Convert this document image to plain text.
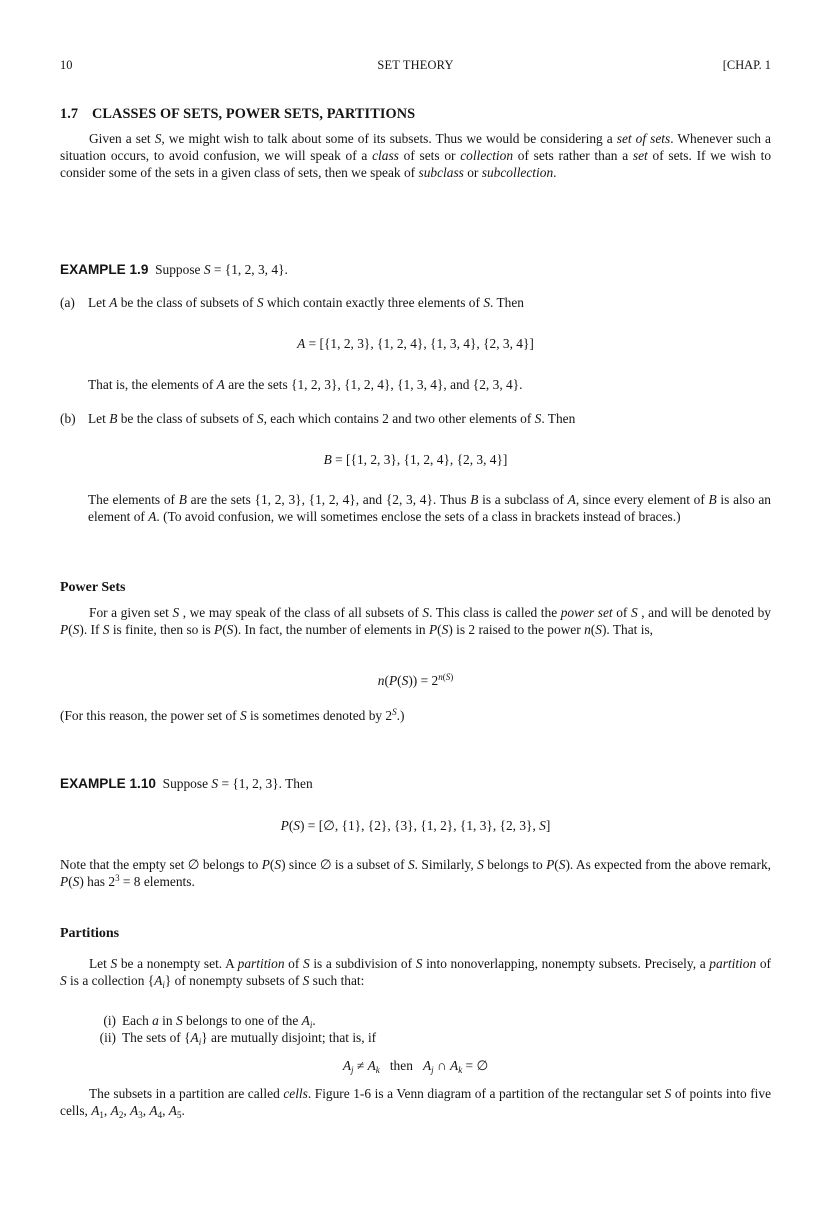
10	SET THEORY	[CHAP. 1
1.7 CLASSES OF SETS, POWER SETS, PARTITIONS

Given a set S, we might wish to talk about some of its subsets. Thus we would be considering a set of sets. Whenever such a situation occurs, to avoid confusion, we will speak of a class of sets or collection of sets rather than a set of sets. If we wish to consider some of the sets in a given class of sets, then we speak of subclass or subcollection.

EXAMPLE 1.9  Suppose S = {1, 2, 3, 4}.
(a) Let A be the class of subsets of S which contain exactly three elements of S. Then
A = [{1, 2, 3}, {1, 2, 4}, {1, 3, 4}, {2, 3, 4}]

That is, the elements of A are the sets {1, 2, 3}, {1, 2, 4}, {1, 3, 4}, and {2, 3, 4}.

(b) Let B be the class of subsets of S, each which contains 2 and two other elements of S. Then
B = [{1, 2, 3}, {1, 2, 4}, {2, 3, 4}]

The elements of B are the sets {1, 2, 3}, {1, 2, 4}, and {2, 3, 4}. Thus B is a subclass of A, since every element of B is also an element of A. (To avoid confusion, we will sometimes enclose the sets of a class in brackets instead of braces.)

Power Sets

For a given set S , we may speak of the class of all subsets of S. This class is called the power set of S , and will be denoted by P(S). If S is finite, then so is P(S). In fact, the number of elements in P(S) is 2 raised to the power n(S). That is,

$n(P(S)) = 2^{n(S)}$

(For this reason, the power set of S is sometimes denoted by $2^S$.)

EXAMPLE 1.10  Suppose S = {1, 2, 3}. Then
P(S) = [∅, {1}, {2}, {3}, {1, 2}, {1, 3}, {2, 3}, S]

Note that the empty set ∅ belongs to P(S) since ∅ is a subset of S. Similarly, S belongs to P(S). As expected from the above remark, P(S) has $2^3 = 8$ elements.

Partitions

Let S be a nonempty set. A partition of S is a subdivision of S into nonoverlapping, nonempty subsets. Precisely, a partition of S is a collection $\{A_i\}$ of nonempty subsets of S such that:

(i) Each a in S belongs to one of the $A_i$.
(ii) The sets of $\{A_i\}$ are mutually disjoint; that is, if
$A_j \ne A_k$   then   $A_j$ ∩ $A_k$ = ∅

The subsets in a partition are called cells. Figure 1-6 is a Venn diagram of a partition of the rectangular set S of points into five cells, $A_1$, $A_2$, $A_3$, $A_4$, $A_5$.
